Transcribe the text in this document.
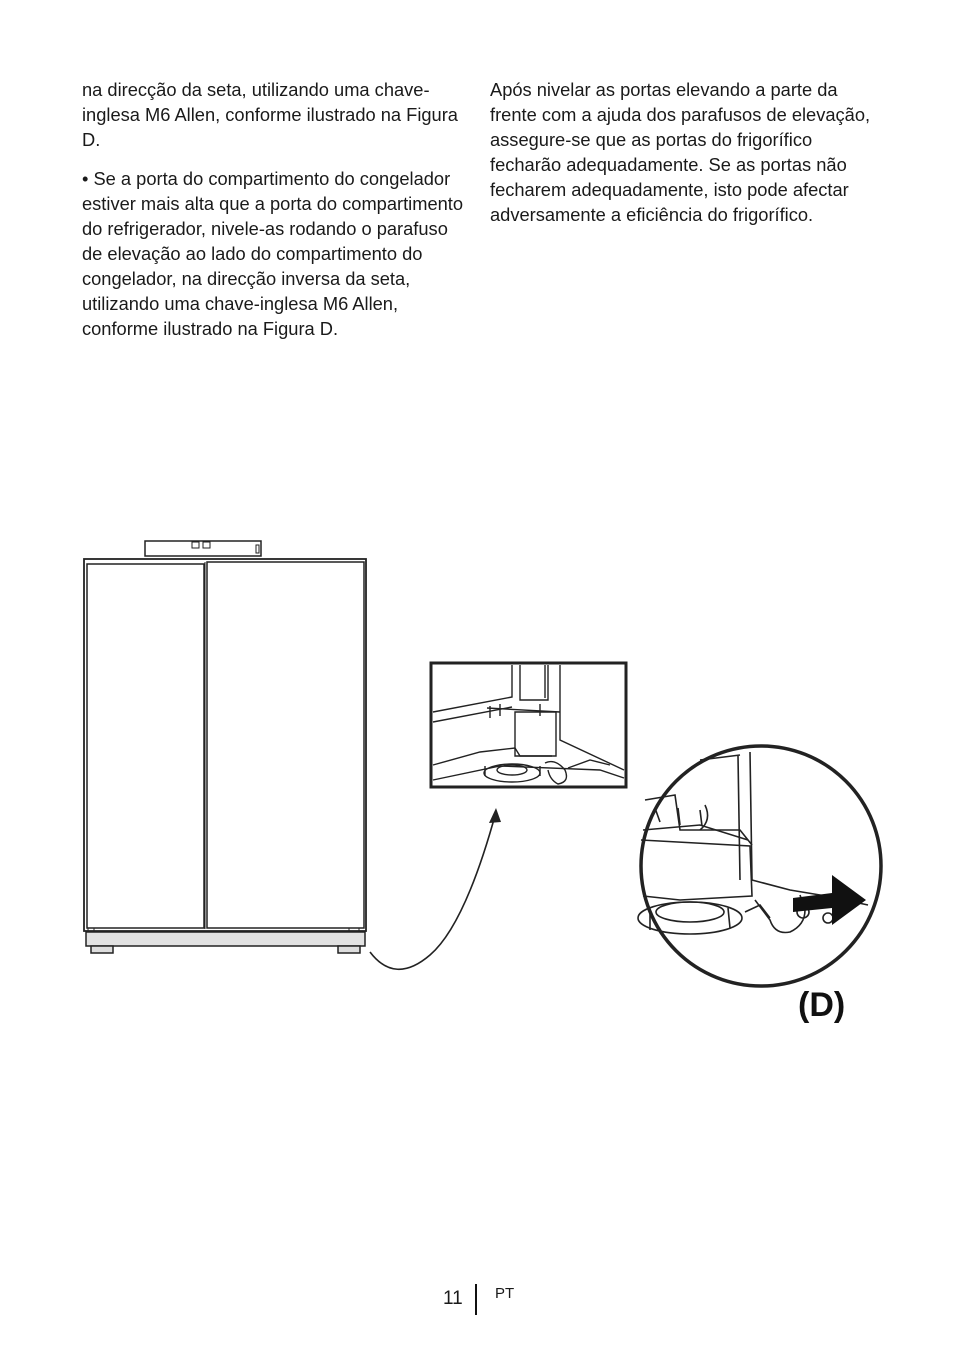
na direcção da seta, utilizando uma chave-inglesa M6 Allen, conforme ilustrado na Figura D.

• Se a porta do compartimento do congelador estiver mais alta que a porta do compartimento do refrigerador, nivele-as rodando o parafuso de elevação ao lado do compartimento do congelador, na direcção inversa da seta, utilizando uma chave-inglesa M6 Allen, conforme ilustrado na Figura D.

Após nivelar as portas elevando a parte da frente com a ajuda dos parafusos de elevação, assegure-se que as portas do frigorífico fecharão adequadamente. Se as portas não fecharem adequadamente, isto pode afectar adversamente a eficiência do frigorífico.

(D)
11 PT
